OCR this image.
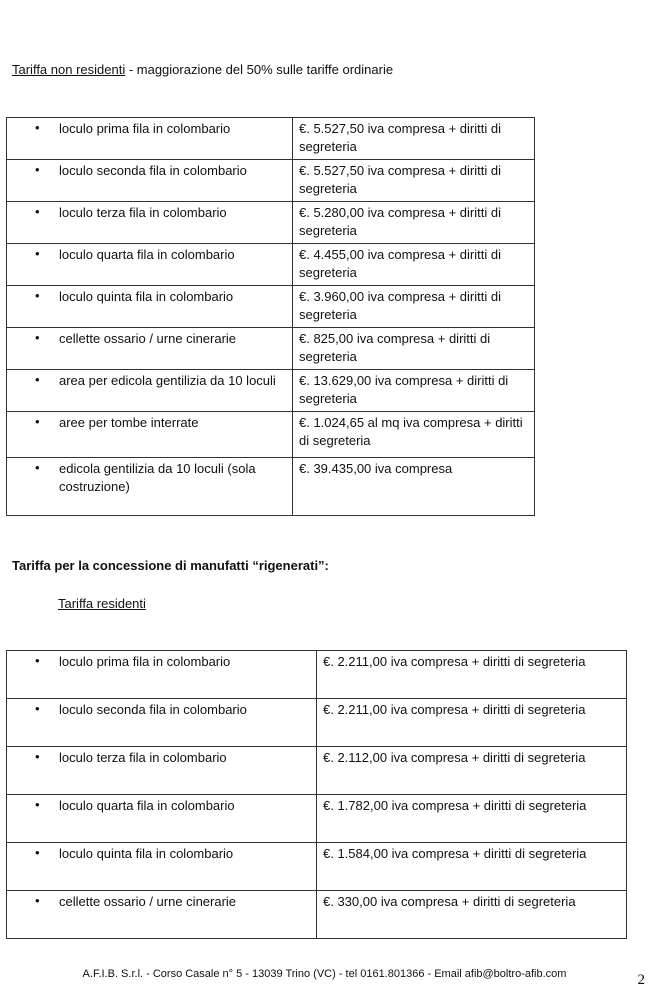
Tariffa non residenti - maggiorazione del 50% sulle tariffe ordinarie
• loculo prima fila in colombario	€. 5.527,50 iva compresa + diritti di segreteria

• loculo seconda fila in colombario	€. 5.527,50 iva compresa + diritti di segreteria

• loculo terza fila in colombario	€. 5.280,00 iva compresa + diritti di segreteria

• loculo quarta fila in colombario	€. 4.455,00 iva compresa + diritti di segreteria

• loculo quinta fila in colombario	€. 3.960,00 iva compresa + diritti di segreteria

• cellette ossario / urne cinerarie	€. 825,00 iva compresa + diritti di segreteria

• area per edicola gentilizia da 10 loculi	€. 13.629,00 iva compresa + diritti di segreteria

• aree per tombe interrate	€. 1.024,65 al mq iva compresa + diritti di segreteria

• edicola gentilizia da 10 loculi (sola costruzione)	€. 39.435,00 iva compresa
Tariffa per la concessione di manufatti “rigenerati”:
Tariffa residenti
• loculo prima fila in colombario	€. 2.211,00 iva compresa + diritti di segreteria

• loculo seconda fila in colombario	€. 2.211,00 iva compresa + diritti di segreteria

• loculo terza fila in colombario	€. 2.112,00 iva compresa + diritti di segreteria

• loculo quarta fila in colombario	€. 1.782,00 iva compresa + diritti di segreteria

• loculo quinta fila in colombario	€. 1.584,00 iva compresa + diritti di segreteria

• cellette ossario / urne cinerarie	€. 330,00 iva compresa + diritti di segreteria
A.F.I.B. S.r.l. - Corso Casale n° 5 - 13039 Trino (VC) - tel 0161.801366 - Email afib@boltro-afib.com	2
